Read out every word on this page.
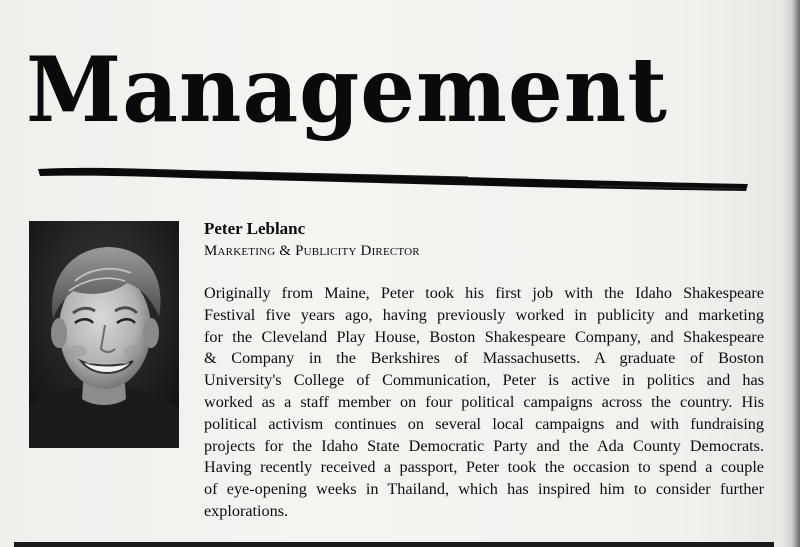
Management
Peter Leblanc
Marketing & Publicity Director
Originally from Maine, Peter took his first job with the Idaho Shakespeare
Festival five years ago, having previously worked in publicity and marketing
for the Cleveland Play House, Boston Shakespeare Company, and Shakespeare
& Company in the Berkshires of Massachusetts. A graduate of Boston
University's College of Communication, Peter is active in politics and has
worked as a staff member on four political campaigns across the country. His
political activism continues on several local campaigns and with fundraising
projects for the Idaho State Democratic Party and the Ada County Democrats.
Having recently received a passport, Peter took the occasion to spend a couple
of eye-opening weeks in Thailand, which has inspired him to consider further
explorations.
